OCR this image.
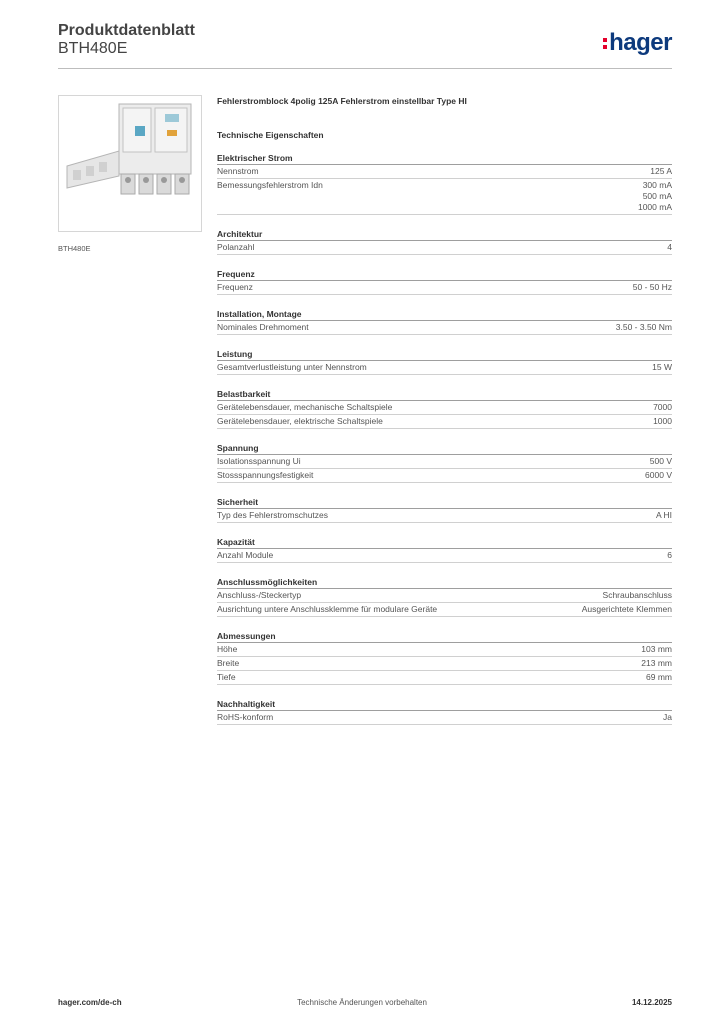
Produktdatenblatt
BTH480E	hager
BTH480E
Fehlerstromblock 4polig 125A Fehlerstrom einstellbar Type HI
Technische Eigenschaften
Elektrischer Strom
Nennstrom	125 A
Bemessungsfehlerstrom Idn	300 mA
500 mA
1000 mA
Architektur
Polanzahl	4
Frequenz
Frequenz	50 - 50 Hz
Installation, Montage
Nominales Drehmoment	3.50 - 3.50 Nm
Leistung
Gesamtverlustleistung unter Nennstrom	15 W
Belastbarkeit
Gerätelebensdauer, mechanische Schaltspiele	7000
Gerätelebensdauer, elektrische Schaltspiele	1000
Spannung
Isolationsspannung Ui	500 V
Stossspannungsfestigkeit	6000 V
Sicherheit
Typ des Fehlerstromschutzes	A HI
Kapazität
Anzahl Module	6
Anschlussmöglichkeiten
Anschluss-/Steckertyp	Schraubanschluss
Ausrichtung untere Anschlussklemme für modulare Geräte	Ausgerichtete Klemmen
Abmessungen
Höhe	103 mm
Breite	213 mm
Tiefe	69 mm
Nachhaltigkeit
RoHS-konform	Ja
hager.com/de-ch	Technische Änderungen vorbehalten	14.12.2025
